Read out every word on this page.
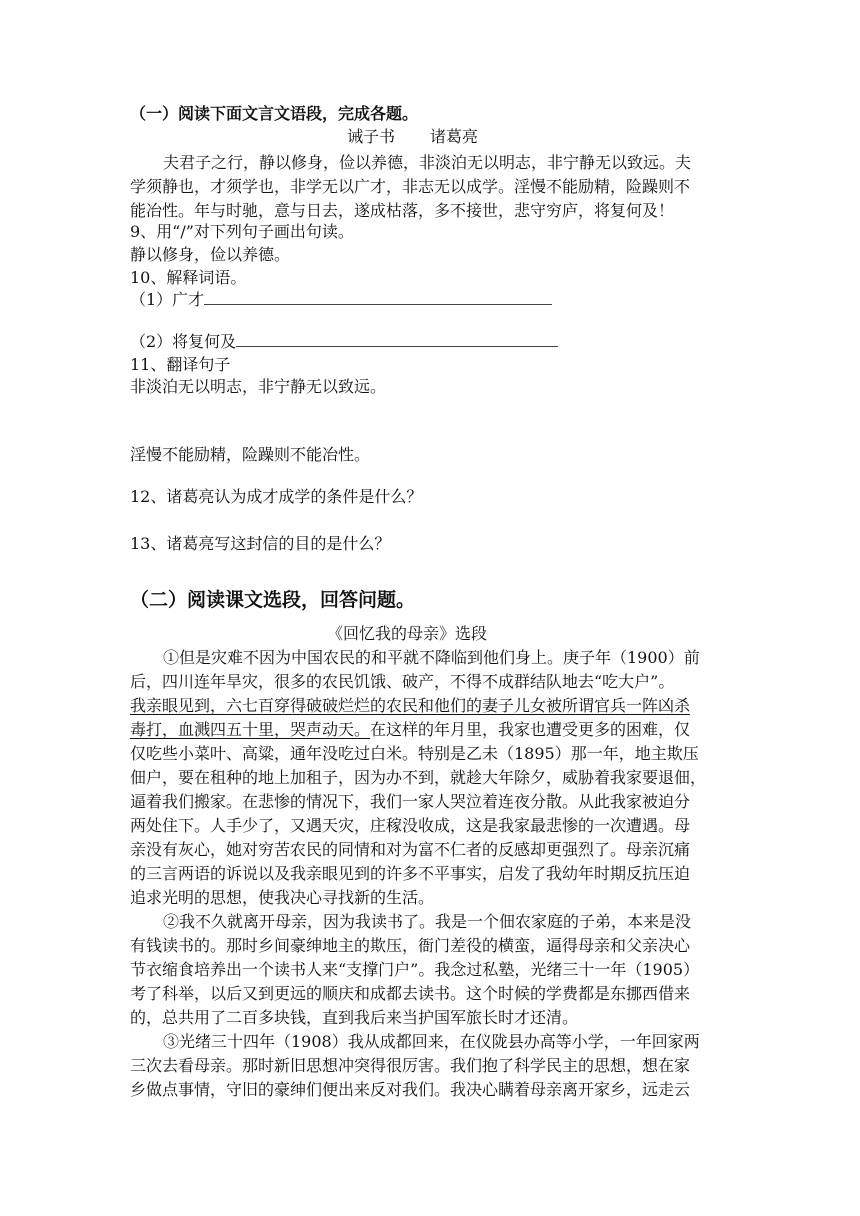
（一）阅读下面文言文语段，完成各题。
诫子书 诸葛亮
夫君子之行，静以修身，俭以养德，非淡泊无以明志，非宁静无以致远。夫
学须静也，才须学也，非学无以广才，非志无以成学。淫慢不能励精，险躁则不
能冶性。年与时驰，意与日去，遂成枯落，多不接世，悲守穷庐，将复何及！
9、用“/”对下列句子画出句读。
静以修身，俭以养德。
10、解释词语。
（1）广才
（2）将复何及
11、翻译句子
非淡泊无以明志，非宁静无以致远。
淫慢不能励精，险躁则不能冶性。
12、诸葛亮认为成才成学的条件是什么？
13、诸葛亮写这封信的目的是什么？
（二）阅读课文选段，回答问题。
《回忆我的母亲》选段
①但是灾难不因为中国农民的和平就不降临到他们身上。庚子年（1900）前
后，四川连年旱灾，很多的农民饥饿、破产，不得不成群结队地去“吃大户”。
我亲眼见到，六七百穿得破破烂烂的农民和他们的妻子儿女被所谓官兵一阵凶杀
毒打，血溅四五十里，哭声动天。在这样的年月里，我家也遭受更多的困难，仅
仅吃些小菜叶、高粱，通年没吃过白米。特别是乙未（1895）那一年，地主欺压
佃户，要在租种的地上加租子，因为办不到，就趁大年除夕，威胁着我家要退佃，
逼着我们搬家。在悲惨的情况下，我们一家人哭泣着连夜分散。从此我家被迫分
两处住下。人手少了，又遇天灾，庄稼没收成，这是我家最悲惨的一次遭遇。母
亲没有灰心，她对穷苦农民的同情和对为富不仁者的反感却更强烈了。母亲沉痛
的三言两语的诉说以及我亲眼见到的许多不平事实，启发了我幼年时期反抗压迫
追求光明的思想，使我决心寻找新的生活。
②我不久就离开母亲，因为我读书了。我是一个佃农家庭的子弟，本来是没
有钱读书的。那时乡间豪绅地主的欺压，衙门差役的横蛮，逼得母亲和父亲决心
节衣缩食培养出一个读书人来“支撑门户”。我念过私塾，光绪三十一年（1905）
考了科举，以后又到更远的顺庆和成都去读书。这个时候的学费都是东挪西借来
的，总共用了二百多块钱，直到我后来当护国军旅长时才还清。
③光绪三十四年（1908）我从成都回来，在仪陇县办高等小学，一年回家两
三次去看母亲。那时新旧思想冲突得很厉害。我们抱了科学民主的思想，想在家
乡做点事情，守旧的豪绅们便出来反对我们。我决心瞒着母亲离开家乡，远走云
